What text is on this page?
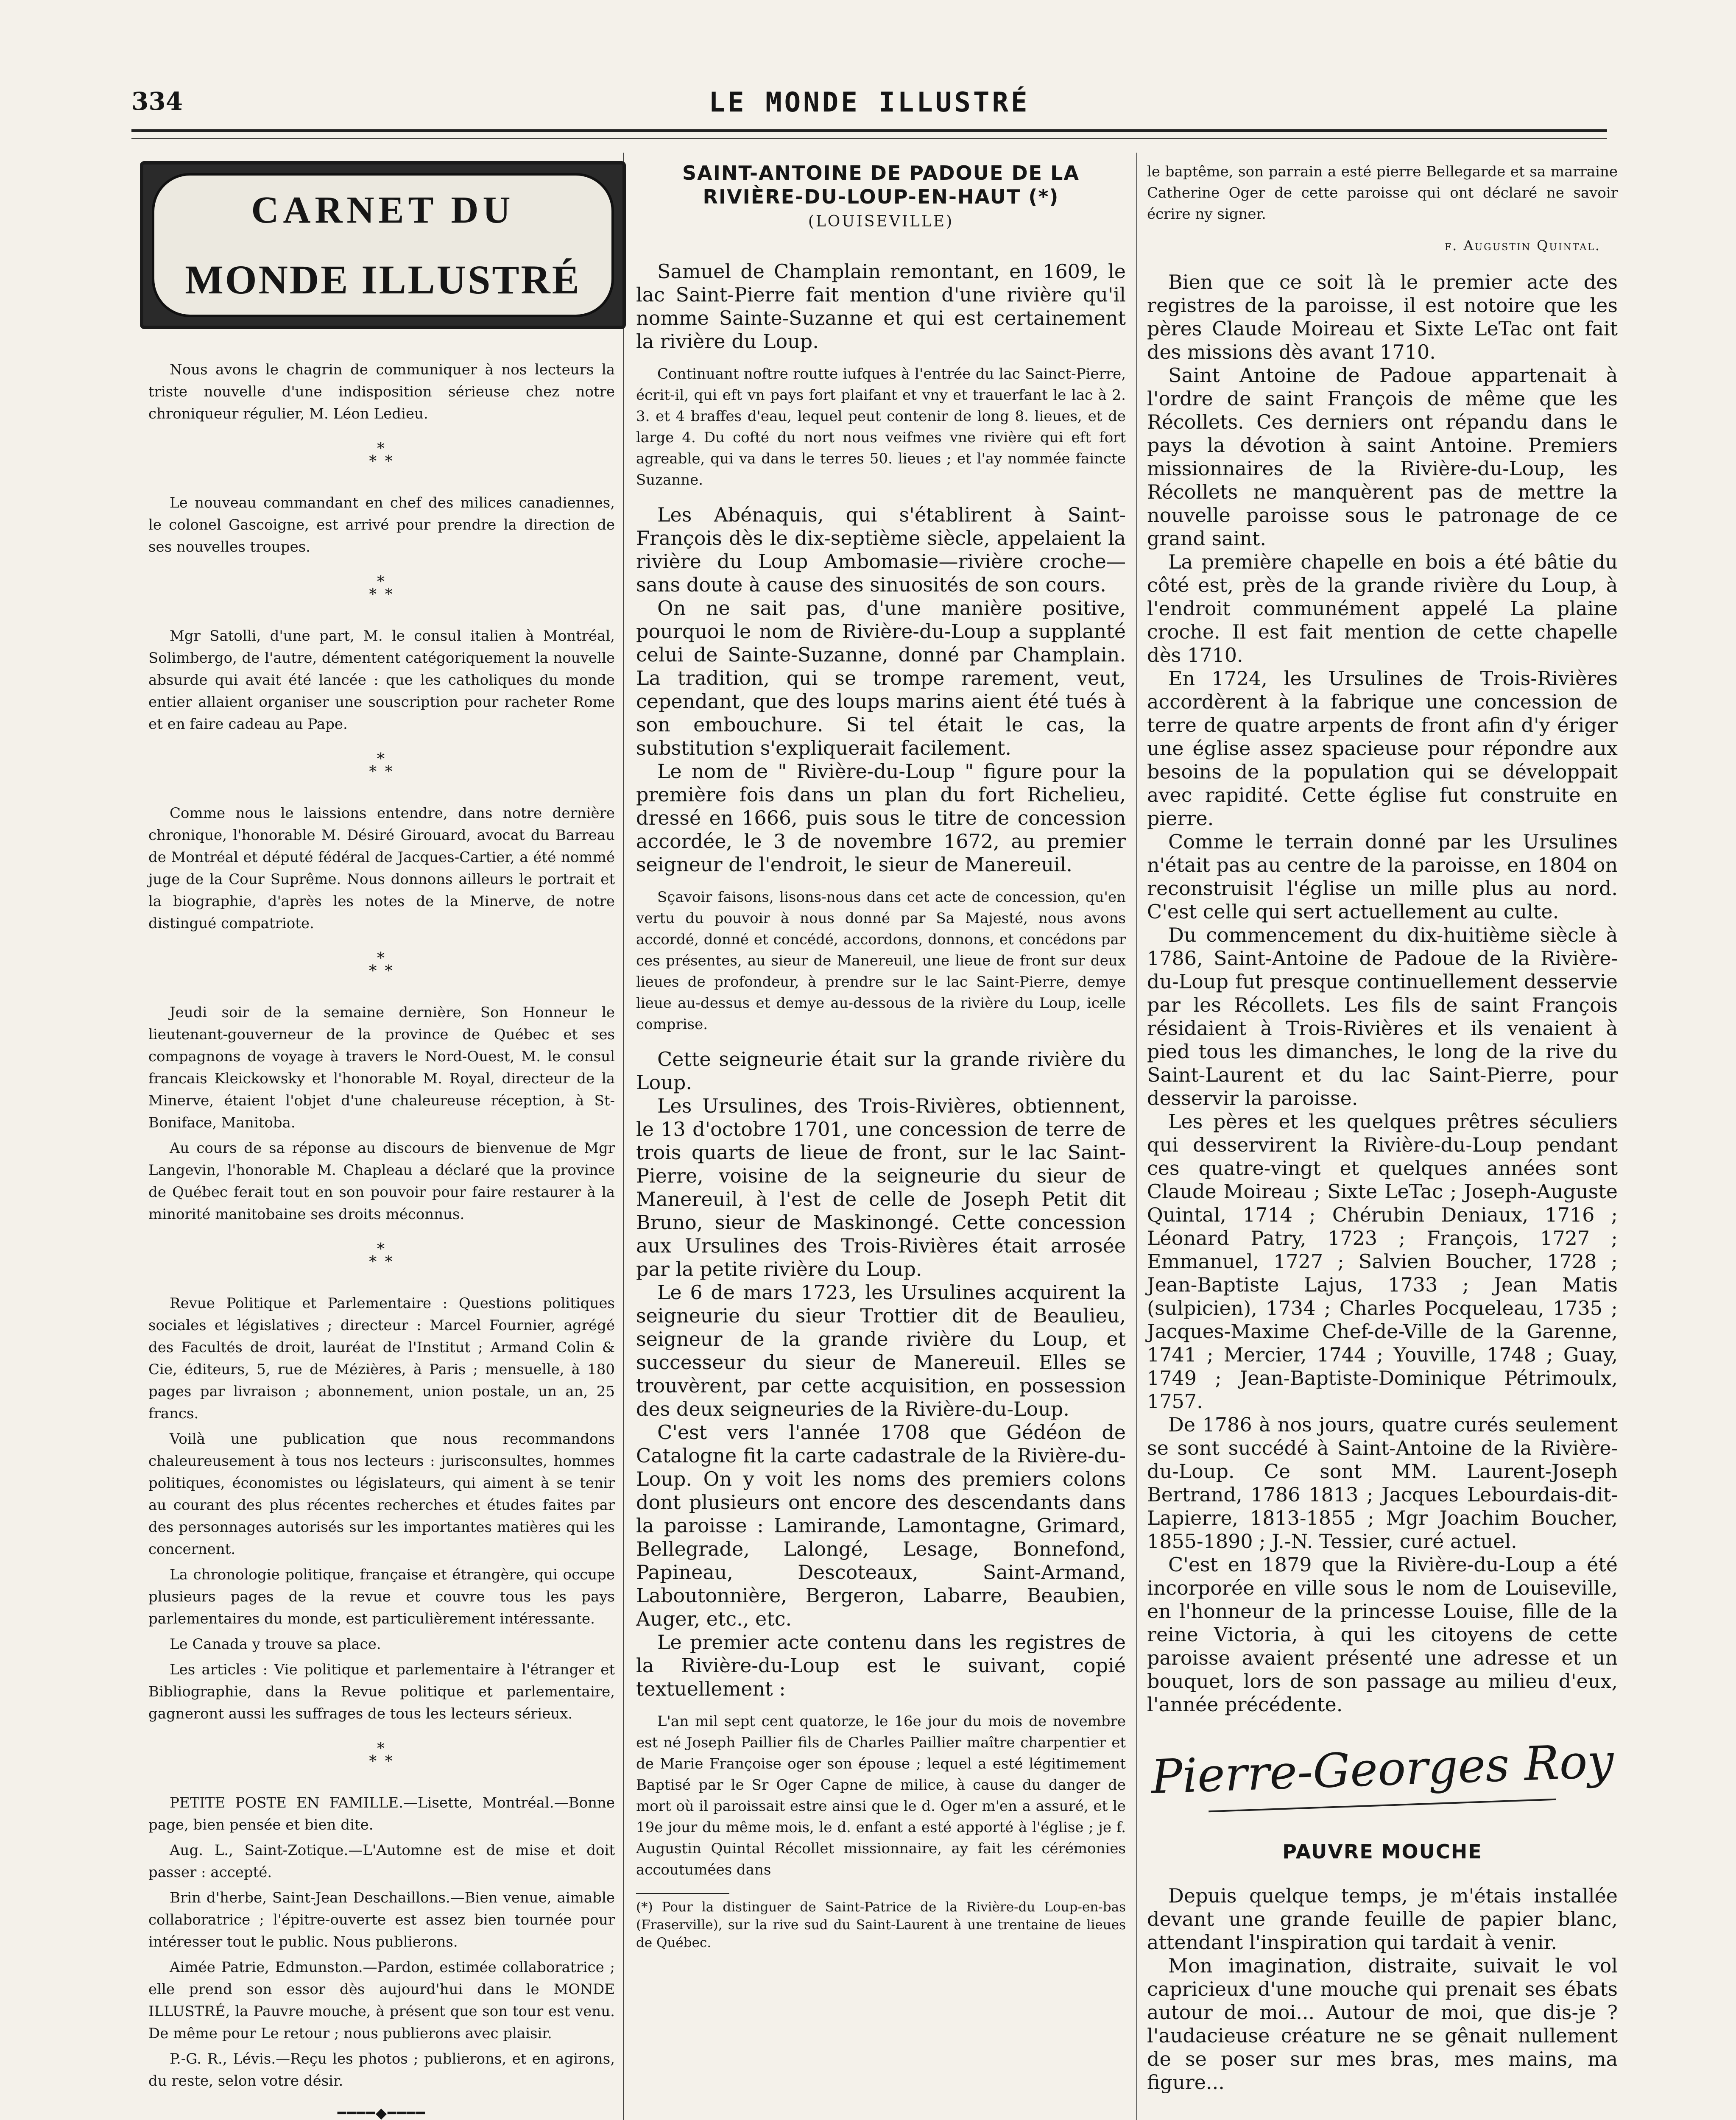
334	LE MONDE ILLUSTRÉ
CARNET DU
MONDE ILLUSTRÉ

Nous avons le chagrin de communiquer à nos lecteurs la triste nouvelle d'une indisposition sérieuse chez notre chroniqueur régulier, M. Léon Ledieu.

*
* *

Le nouveau commandant en chef des milices canadiennes, le colonel Gascoigne, est arrivé pour prendre la direction de ses nouvelles troupes.

*
* *

Mgr Satolli, d'une part, M. le consul italien à Montréal, Solimbergo, de l'autre, démentent catégoriquement la nouvelle absurde qui avait été lancée : que les catholiques du monde entier allaient organiser une souscription pour racheter Rome et en faire cadeau au Pape.

*
* *

Comme nous le laissions entendre, dans notre dernière chronique, l'honorable M. Désiré Girouard, avocat du Barreau de Montréal et député fédéral de Jacques-Cartier, a été nommé juge de la Cour Suprême. Nous donnons ailleurs le portrait et la biographie, d'après les notes de la Minerve, de notre distingué compatriote.

*
* *

Jeudi soir de la semaine dernière, Son Honneur le lieutenant-gouverneur de la province de Québec et ses compagnons de voyage à travers le Nord-Ouest, M. le consul francais Kleickowsky et l'honorable M. Royal, directeur de la Minerve, étaient l'objet d'une chaleureuse réception, à St-Boniface, Manitoba.

Au cours de sa réponse au discours de bienvenue de Mgr Langevin, l'honorable M. Chapleau a déclaré que la province de Québec ferait tout en son pouvoir pour faire restaurer à la minorité manitobaine ses droits méconnus.

*
* *

Revue Politique et Parlementaire : Questions politiques sociales et législatives ; directeur : Marcel Fournier, agrégé des Facultés de droit, lauréat de l'Institut ; Armand Colin & Cie, éditeurs, 5, rue de Mézières, à Paris ; mensuelle, à 180 pages par livraison ; abonnement, union postale, un an, 25 francs.

Voilà une publication que nous recommandons chaleureusement à tous nos lecteurs : jurisconsultes, hommes politiques, économistes ou législateurs, qui aiment à se tenir au courant des plus récentes recherches et études faites par des personnages autorisés sur les importantes matières qui les concernent.

La chronologie politique, française et étrangère, qui occupe plusieurs pages de la revue et couvre tous les pays parlementaires du monde, est particulièrement intéressante.

Le Canada y trouve sa place.

Les articles : Vie politique et parlementaire à l'étranger et Bibliographie, dans la Revue politique et parlementaire, gagneront aussi les suffrages de tous les lecteurs sérieux.

*
* *

PETITE POSTE EN FAMILLE.—Lisette, Montréal.—Bonne page, bien pensée et bien dite.

Aug. L., Saint-Zotique.—L'Automne est de mise et doit passer : accepté.

Brin d'herbe, Saint-Jean Deschaillons.—Bien venue, aimable collaboratrice ; l'épitre-ouverte est assez bien tournée pour intéresser tout le public. Nous publierons.

Aimée Patrie, Edmunston.—Pardon, estimée collaboratrice ; elle prend son essor dès aujourd'hui dans le MONDE ILLUSTRÉ, la Pauvre mouche, à présent que son tour est venu. De même pour Le retour ; nous publierons avec plaisir.

P.-G. R., Lévis.—Reçu les photos ; publierons, et en agirons, du reste, selon votre désir.

━━━━◆━━━━

SAINT-ANTOINE DE PADOUE DE LA RIVIÈRE-DU-LOUP-EN-HAUT (*)
(LOUISEVILLE)

Samuel de Champlain remontant, en 1609, le lac Saint-Pierre fait mention d'une rivière qu'il nomme Sainte-Suzanne et qui est certainement la rivière du Loup.

Continuant noftre routte iufques à l'entrée du lac Sainct-Pierre, écrit-il, qui eft vn pays fort plaifant et vny et trauerfant le lac à 2. 3. et 4 braffes d'eau, lequel peut contenir de long 8. lieues, et de large 4. Du cofté du nort nous veifmes vne rivière qui eft fort agreable, qui va dans le terres 50. lieues ; et l'ay nommée faincte Suzanne.

Les Abénaquis, qui s'établirent à Saint-François dès le dix-septième siècle, appelaient la rivière du Loup Ambomasie—rivière croche—sans doute à cause des sinuosités de son cours.

On ne sait pas, d'une manière positive, pourquoi le nom de Rivière-du-Loup a supplanté celui de Sainte-Suzanne, donné par Champlain. La tradition, qui se trompe rarement, veut, cependant, que des loups marins aient été tués à son embouchure. Si tel était le cas, la substitution s'expliquerait facilement.

Le nom de " Rivière-du-Loup " figure pour la première fois dans un plan du fort Richelieu, dressé en 1666, puis sous le titre de concession accordée, le 3 de novembre 1672, au premier seigneur de l'endroit, le sieur de Manereuil.

Sçavoir faisons, lisons-nous dans cet acte de concession, qu'en vertu du pouvoir à nous donné par Sa Majesté, nous avons accordé, donné et concédé, accordons, donnons, et concédons par ces présentes, au sieur de Manereuil, une lieue de front sur deux lieues de profondeur, à prendre sur le lac Saint-Pierre, demye lieue au-dessus et demye au-dessous de la rivière du Loup, icelle comprise.

Cette seigneurie était sur la grande rivière du Loup.

Les Ursulines, des Trois-Rivières, obtiennent, le 13 d'octobre 1701, une concession de terre de trois quarts de lieue de front, sur le lac Saint-Pierre, voisine de la seigneurie du sieur de Manereuil, à l'est de celle de Joseph Petit dit Bruno, sieur de Maskinongé. Cette concession aux Ursulines des Trois-Rivières était arrosée par la petite rivière du Loup.

Le 6 de mars 1723, les Ursulines acquirent la seigneurie du sieur Trottier dit de Beaulieu, seigneur de la grande rivière du Loup, et successeur du sieur de Manereuil. Elles se trouvèrent, par cette acquisition, en possession des deux seigneuries de la Rivière-du-Loup.

C'est vers l'année 1708 que Gédéon de Catalogne fit la carte cadastrale de la Rivière-du-Loup. On y voit les noms des premiers colons dont plusieurs ont encore des descendants dans la paroisse : Lamirande, Lamontagne, Grimard, Bellegrade, Lalongé, Lesage, Bonnefond, Papineau, Descoteaux, Saint-Armand, Laboutonnière, Bergeron, Labarre, Beaubien, Auger, etc., etc.

Le premier acte contenu dans les registres de la Rivière-du-Loup est le suivant, copié textuellement :

L'an mil sept cent quatorze, le 16e jour du mois de novembre est né Joseph Paillier fils de Charles Paillier maître charpentier et de Marie Françoise oger son épouse ; lequel a esté légitimement Baptisé par le Sr Oger Capne de milice, à cause du danger de mort où il paroissait estre ainsi que le d. Oger m'en a assuré, et le 19e jour du même mois, le d. enfant a esté apporté à l'église ; je f. Augustin Quintal Récollet missionnaire, ay fait les cérémonies accoutumées dans

(*) Pour la distinguer de Saint-Patrice de la Rivière-du Loup-en-bas (Fraserville), sur la rive sud du Saint-Laurent à une trentaine de lieues de Québec.

le baptême, son parrain a esté pierre Bellegarde et sa marraine Catherine Oger de cette paroisse qui ont déclaré ne savoir écrire ny signer.

f. Augustin Quintal.

Bien que ce soit là le premier acte des registres de la paroisse, il est notoire que les pères Claude Moireau et Sixte LeTac ont fait des missions dès avant 1710.

Saint Antoine de Padoue appartenait à l'ordre de saint François de même que les Récollets. Ces derniers ont répandu dans le pays la dévotion à saint Antoine. Premiers missionnaires de la Rivière-du-Loup, les Récollets ne manquèrent pas de mettre la nouvelle paroisse sous le patronage de ce grand saint.

La première chapelle en bois a été bâtie du côté est, près de la grande rivière du Loup, à l'endroit communément appelé La plaine croche. Il est fait mention de cette chapelle dès 1710.

En 1724, les Ursulines de Trois-Rivières accordèrent à la fabrique une concession de terre de quatre arpents de front afin d'y ériger une église assez spacieuse pour répondre aux besoins de la population qui se développait avec rapidité. Cette église fut construite en pierre.

Comme le terrain donné par les Ursulines n'était pas au centre de la paroisse, en 1804 on reconstruisit l'église un mille plus au nord. C'est celle qui sert actuellement au culte.

Du commencement du dix-huitième siècle à 1786, Saint-Antoine de Padoue de la Rivière-du-Loup fut presque continuellement desservie par les Récollets. Les fils de saint François résidaient à Trois-Rivières et ils venaient à pied tous les dimanches, le long de la rive du Saint-Laurent et du lac Saint-Pierre, pour desservir la paroisse.

Les pères et les quelques prêtres séculiers qui desservirent la Rivière-du-Loup pendant ces quatre-vingt et quelques années sont Claude Moireau ; Sixte LeTac ; Joseph-Auguste Quintal, 1714 ; Chérubin Deniaux, 1716 ; Léonard Patry, 1723 ; François, 1727 ; Emmanuel, 1727 ; Salvien Boucher, 1728 ; Jean-Baptiste Lajus, 1733 ; Jean Matis (sulpicien), 1734 ; Charles Pocqueleau, 1735 ; Jacques-Maxime Chef-de-Ville de la Garenne, 1741 ; Mercier, 1744 ; Youville, 1748 ; Guay, 1749 ; Jean-Baptiste-Dominique Pétrimoulx, 1757.

De 1786 à nos jours, quatre curés seulement se sont succédé à Saint-Antoine de la Rivière-du-Loup. Ce sont MM. Laurent-Joseph Bertrand, 1786 1813 ; Jacques Lebourdais-dit-Lapierre, 1813-1855 ; Mgr Joachim Boucher, 1855-1890 ; J.-N. Tessier, curé actuel.

C'est en 1879 que la Rivière-du-Loup a été incorporée en ville sous le nom de Louiseville, en l'honneur de la princesse Louise, fille de la reine Victoria, à qui les citoyens de cette paroisse avaient présenté une adresse et un bouquet, lors de son passage au milieu d'eux, l'année précédente.

Pierre-Georges Roy
PAUVRE MOUCHE

Depuis quelque temps, je m'étais installée devant une grande feuille de papier blanc, attendant l'inspiration qui tardait à venir.

Mon imagination, distraite, suivait le vol capricieux d'une mouche qui prenait ses ébats autour de moi... Autour de moi, que dis-je ? l'audacieuse créature ne se gênait nullement de se poser sur mes bras, mes mains, ma figure...
